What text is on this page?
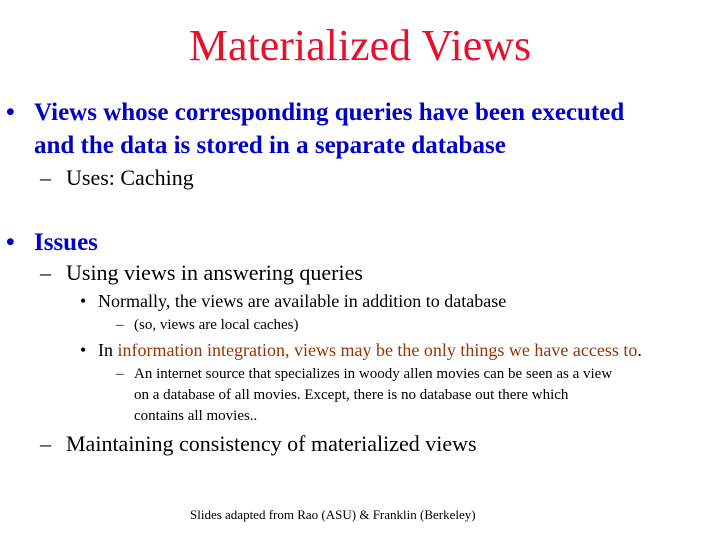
Materialized Views
• Views whose corresponding queries have been executed
and the data is stored in a separate database
– Uses: Caching
• Issues
– Using views in answering queries
• Normally, the views are available in addition to database
– (so, views are local caches)
• In information integration, views may be the only things we have access to.
– An internet source that specializes in woody allen movies can be seen as a view
on a database of all movies. Except, there is no database out there which
contains all movies..
– Maintaining consistency of materialized views
Slides adapted from Rao (ASU) & Franklin (Berkeley)
